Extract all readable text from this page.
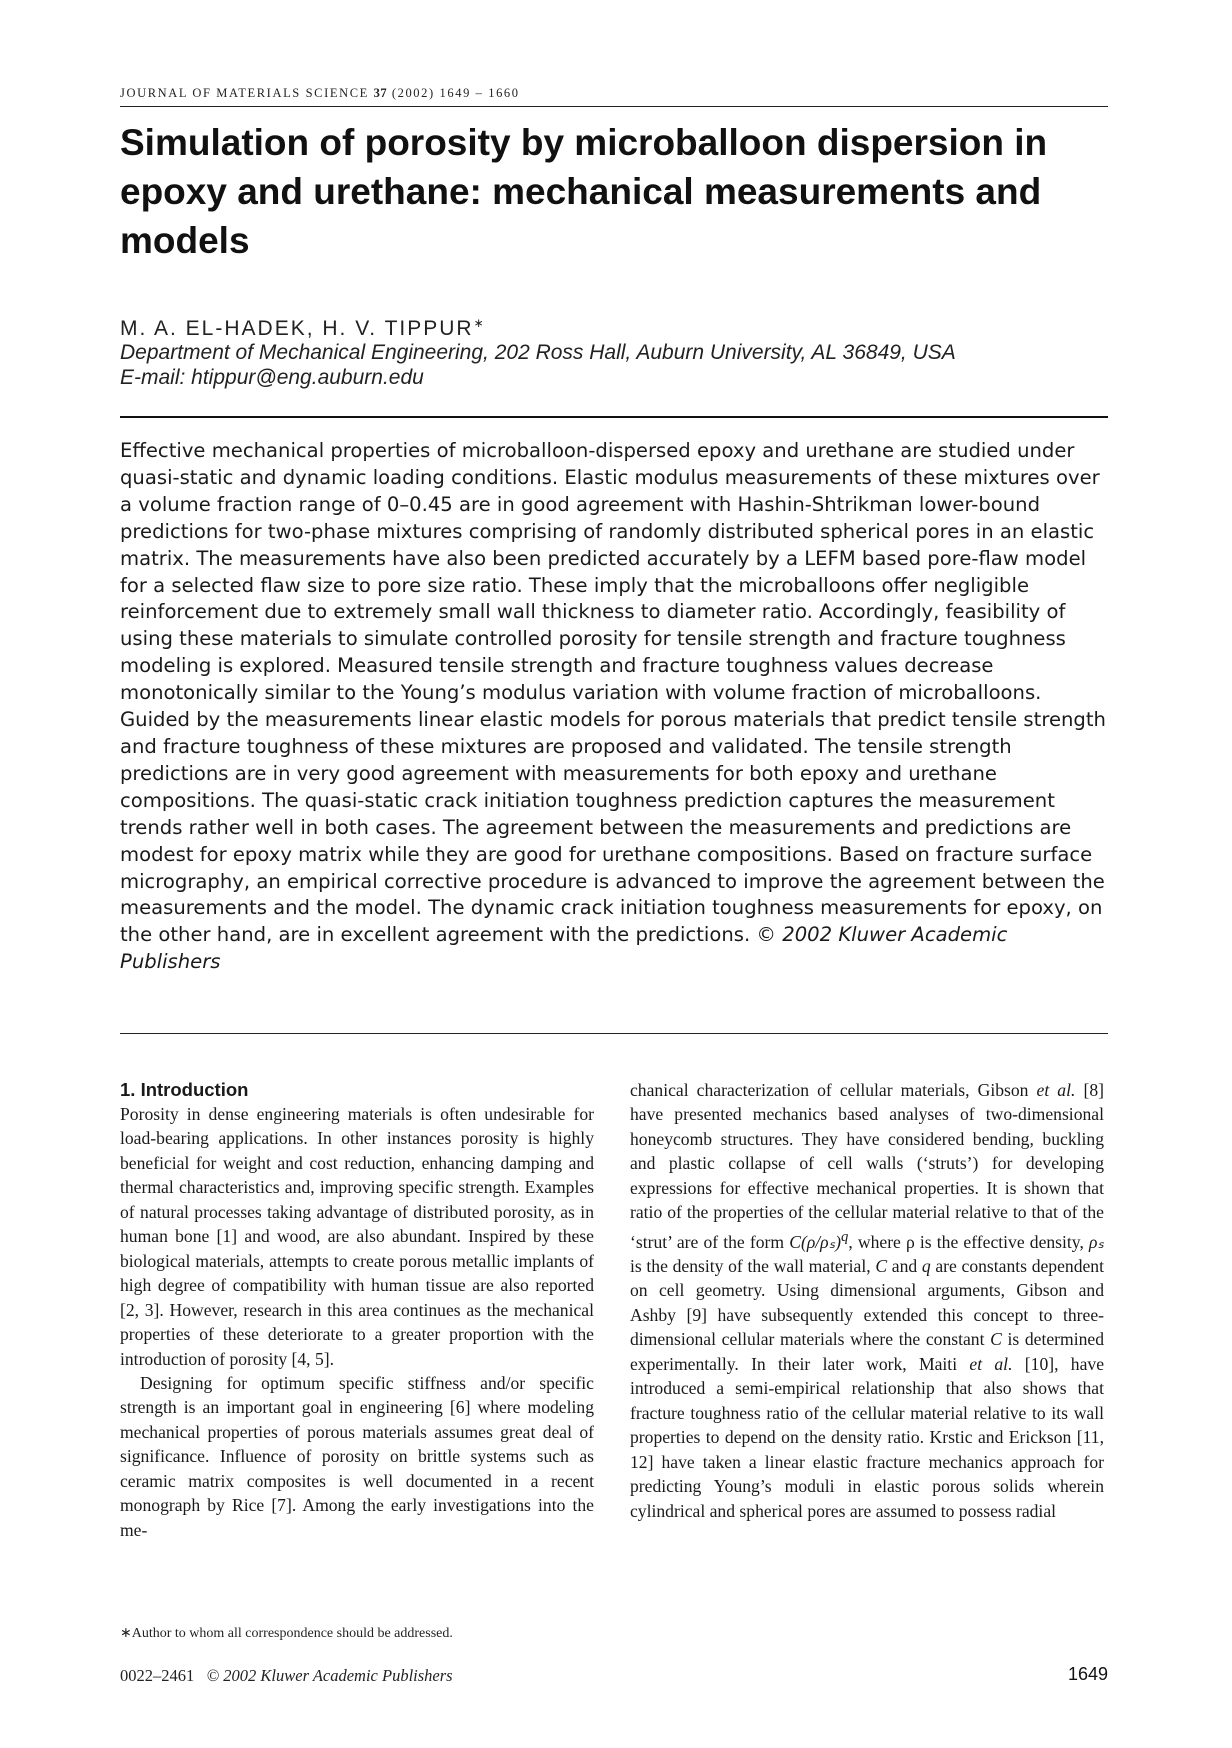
JOURNAL OF MATERIALS SCIENCE 37 (2002) 1649 – 1660
Simulation of porosity by microballoon dispersion in epoxy and urethane: mechanical measurements and models
M. A. EL-HADEK, H. V. TIPPUR∗
Department of Mechanical Engineering, 202 Ross Hall, Auburn University, AL 36849, USA
E-mail: htippur@eng.auburn.edu

Effective mechanical properties of microballoon-dispersed epoxy and urethane are studied under quasi-static and dynamic loading conditions. Elastic modulus measurements of these mixtures over a volume fraction range of 0–0.45 are in good agreement with Hashin-Shtrikman lower-bound predictions for two-phase mixtures comprising of randomly distributed spherical pores in an elastic matrix. The measurements have also been predicted accurately by a LEFM based pore-flaw model for a selected flaw size to pore size ratio. These imply that the microballoons offer negligible reinforcement due to extremely small wall thickness to diameter ratio. Accordingly, feasibility of using these materials to simulate controlled porosity for tensile strength and fracture toughness modeling is explored. Measured tensile strength and fracture toughness values decrease monotonically similar to the Young’s modulus variation with volume fraction of microballoons. Guided by the measurements linear elastic models for porous materials that predict tensile strength and fracture toughness of these mixtures are proposed and validated. The tensile strength predictions are in very good agreement with measurements for both epoxy and urethane compositions. The quasi-static crack initiation toughness prediction captures the measurement trends rather well in both cases. The agreement between the measurements and predictions are modest for epoxy matrix while they are good for urethane compositions. Based on fracture surface micrography, an empirical corrective procedure is advanced to improve the agreement between the measurements and the model. The dynamic crack initiation toughness measurements for epoxy, on the other hand, are in excellent agreement with the predictions. © 2002 Kluwer Academic Publishers

1. Introduction

Porosity in dense engineering materials is often undesirable for load-bearing applications. In other instances porosity is highly beneficial for weight and cost reduction, enhancing damping and thermal characteristics and, improving specific strength. Examples of natural processes taking advantage of distributed porosity, as in human bone [1] and wood, are also abundant. Inspired by these biological materials, attempts to create porous metallic implants of high degree of compatibility with human tissue are also reported [2, 3]. However, research in this area continues as the mechanical properties of these deteriorate to a greater proportion with the introduction of porosity [4, 5].

Designing for optimum specific stiffness and/or specific strength is an important goal in engineering [6] where modeling mechanical properties of porous materials assumes great deal of significance. Influence of porosity on brittle systems such as ceramic matrix composites is well documented in a recent monograph by Rice [7]. Among the early investigations into the me-

chanical characterization of cellular materials, Gibson et al. [8] have presented mechanics based analyses of two-dimensional honeycomb structures. They have considered bending, buckling and plastic collapse of cell walls (‘struts’) for developing expressions for effective mechanical properties. It is shown that ratio of the properties of the cellular material relative to that of the ‘strut’ are of the form $C(\rho/\rho_s)^q$, where ρ is the effective density, ρₛ is the density of the wall material, C and q are constants dependent on cell geometry. Using dimensional arguments, Gibson and Ashby [9] have subsequently extended this concept to three-dimensional cellular materials where the constant C is determined experimentally. In their later work, Maiti et al. [10], have introduced a semi-empirical relationship that also shows that fracture toughness ratio of the cellular material relative to its wall properties to depend on the density ratio. Krstic and Erickson [11, 12] have taken a linear elastic fracture mechanics approach for predicting Young’s moduli in elastic porous solids wherein cylindrical and spherical pores are assumed to possess radial

∗Author to whom all correspondence should be addressed.
0022–2461 © 2002 Kluwer Academic Publishers	1649
